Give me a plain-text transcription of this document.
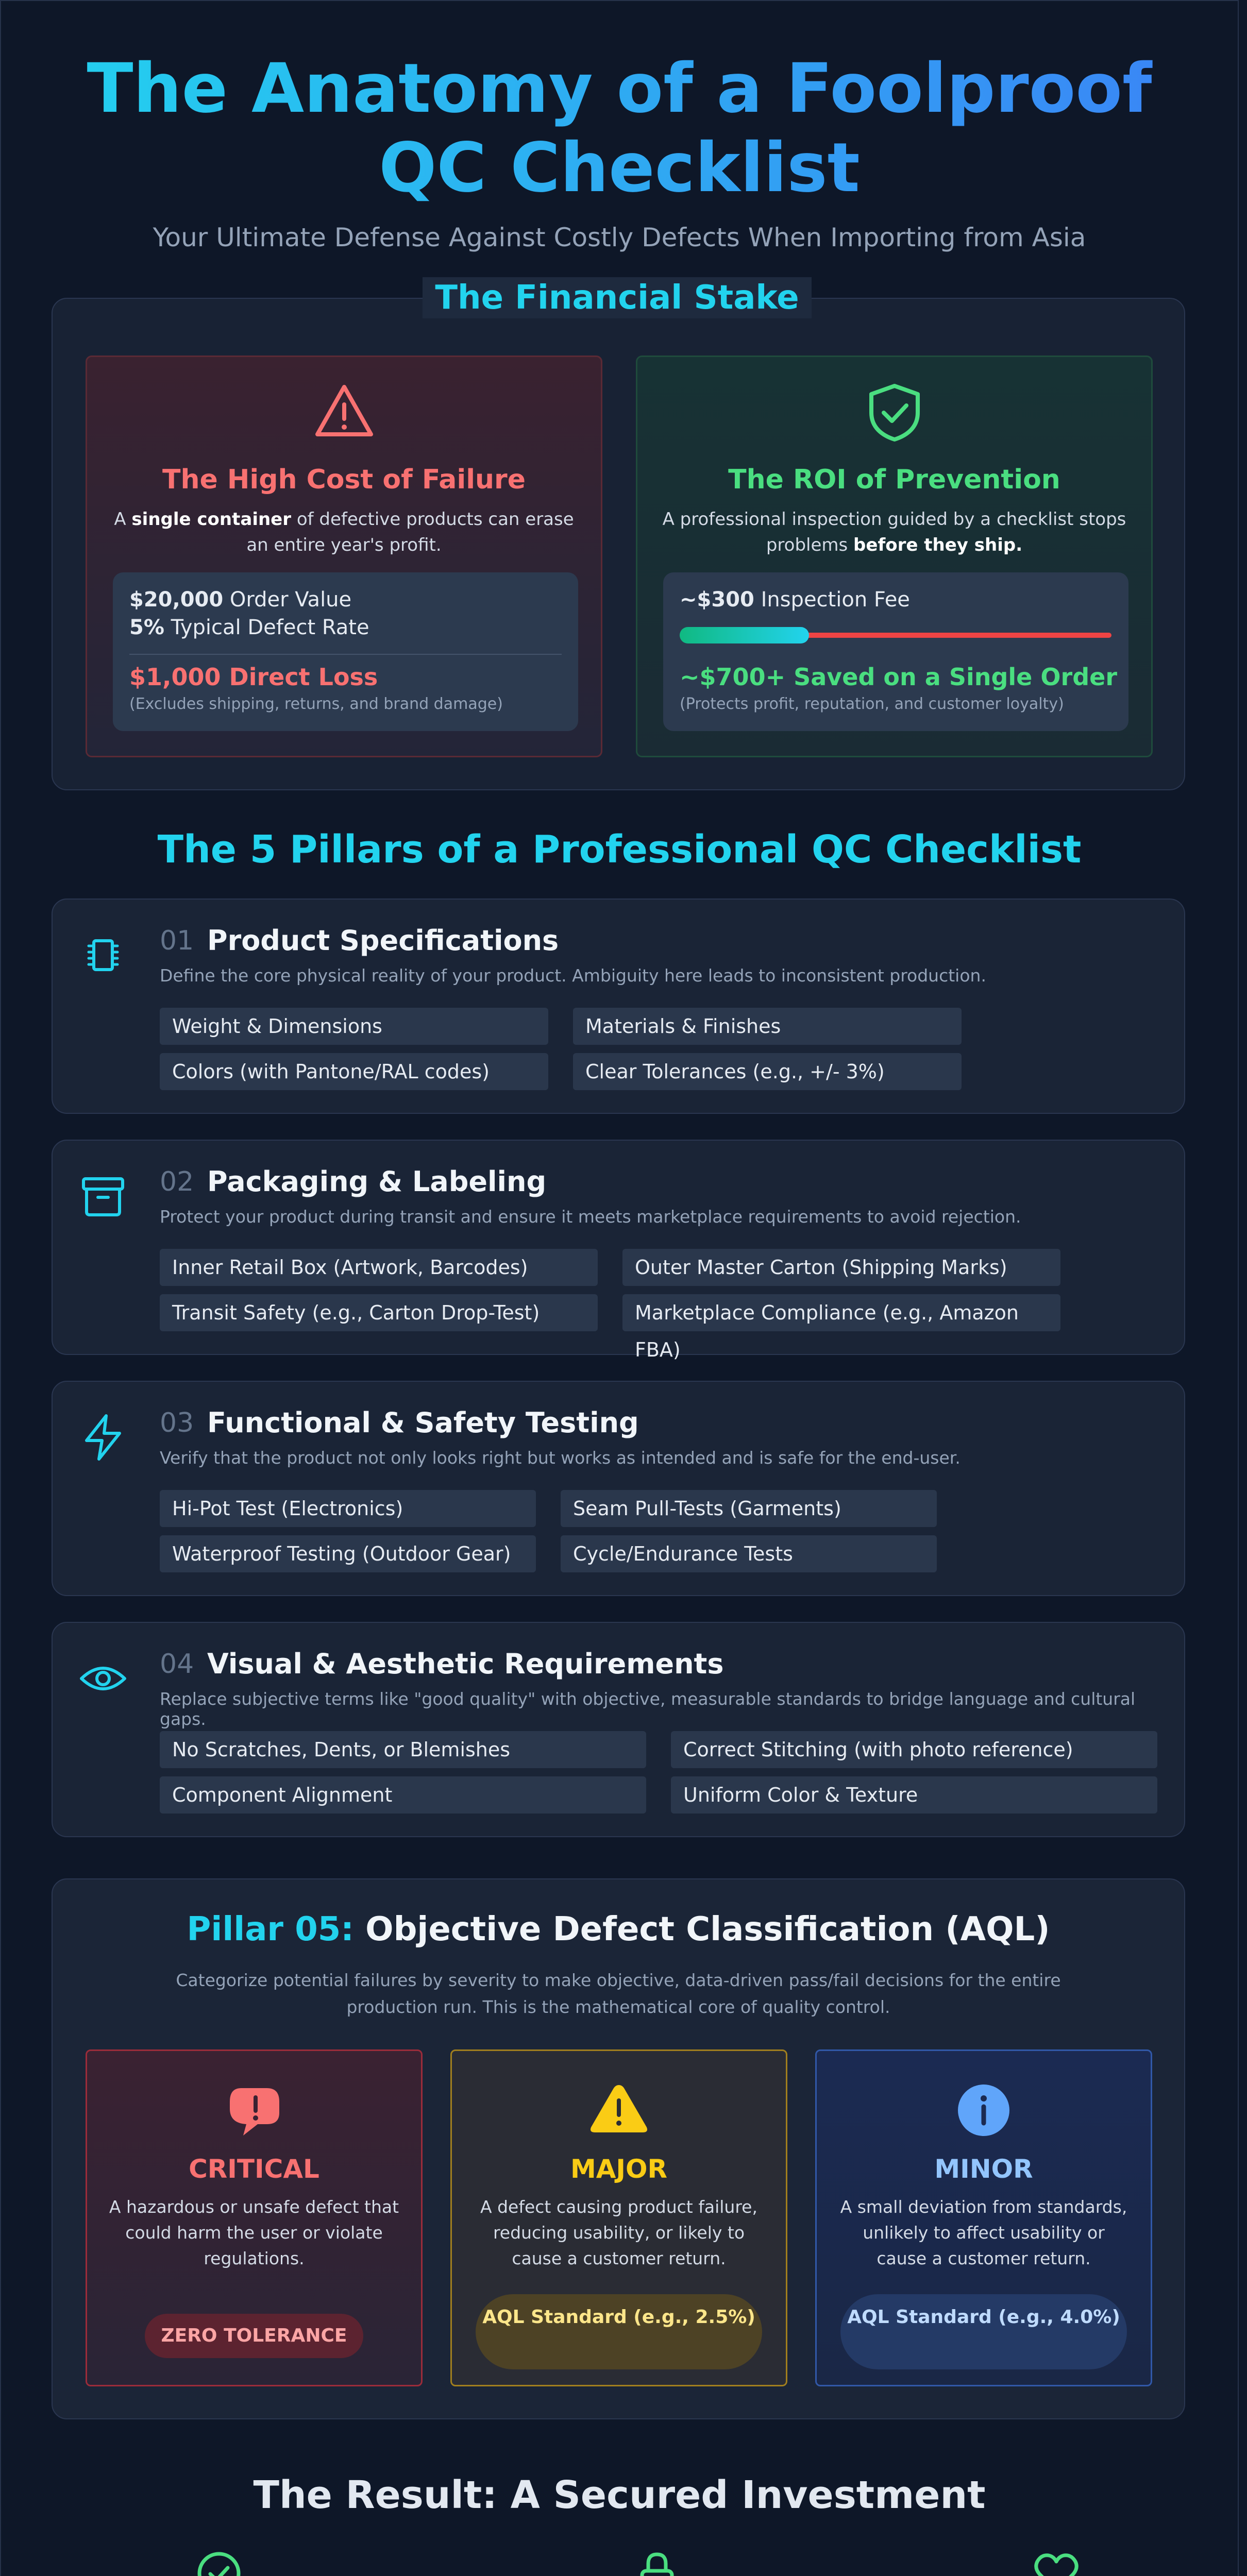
The Anatomy of a Foolproof QC Checklist
Your Ultimate Defense Against Costly Defects When Importing from Asia
The High Cost of Failure
A single container of defective products can erase an entire year's profit.
$20,000 Order Value
5% Typical Defect Rate
$1,000 Direct Loss
(Excludes shipping, returns, and brand damage)
The ROI of Prevention
A professional inspection guided by a checklist stops problems before they ship.
~$300 Inspection Fee
~$700+ Saved on a Single Order
(Protects profit, reputation, and customer loyalty)
The Financial Stake
The 5 Pillars of a Professional QC Checklist
01 Product Specifications
Define the core physical reality of your product. Ambiguity here leads to inconsistent production.
Weight & Dimensions	Materials & Finishes
Colors (with Pantone/RAL codes)	Clear Tolerances (e.g., +/- 3%)
02 Packaging & Labeling
Protect your product during transit and ensure it meets marketplace requirements to avoid rejection.
Inner Retail Box (Artwork, Barcodes)	Outer Master Carton (Shipping Marks)
Transit Safety (e.g., Carton Drop-Test)	Marketplace Compliance (e.g., Amazon FBA)
03 Functional & Safety Testing
Verify that the product not only looks right but works as intended and is safe for the end-user.
Hi-Pot Test (Electronics)	Seam Pull-Tests (Garments)
Waterproof Testing (Outdoor Gear)	Cycle/Endurance Tests
04 Visual & Aesthetic Requirements
Replace subjective terms like "good quality" with objective, measurable standards to bridge language and cultural gaps.
No Scratches, Dents, or Blemishes	Correct Stitching (with photo reference)
Component Alignment	Uniform Color & Texture
Pillar 05: Objective Defect Classification (AQL)
Categorize potential failures by severity to make objective, data-driven pass/fail decisions for the entire production run. This is the mathematical core of quality control.
CRITICAL
A hazardous or unsafe defect that could harm the user or violate regulations.
ZERO TOLERANCE
MAJOR
A defect causing product failure, reducing usability, or likely to cause a customer return.
AQL Standard (e.g., 2.5%)
MINOR
A small deviation from standards, unlikely to affect usability or cause a customer return.
AQL Standard (e.g., 4.0%)
The Result: A Secured Investment
